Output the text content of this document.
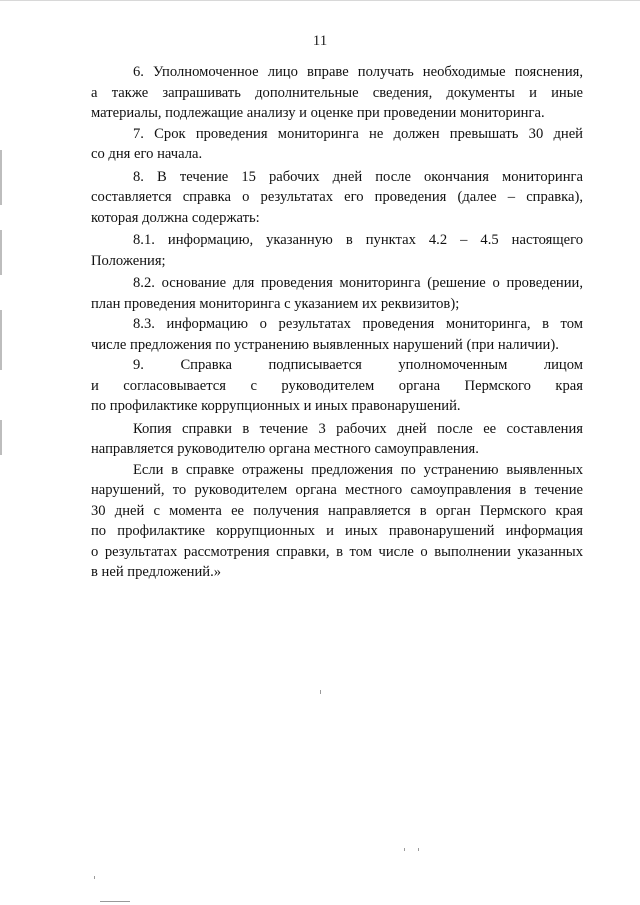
11
6. Уполномоченное лицо вправе получать необходимые пояснения,
а также запрашивать дополнительные сведения, документы и иные
материалы, подлежащие анализу и оценке при проведении мониторинга.
7. Срок проведения мониторинга не должен превышать 30 дней
со дня его начала.
8. В течение 15 рабочих дней после окончания мониторинга
составляется справка о результатах его проведения (далее – справка),
которая должна содержать:
8.1. информацию, указанную в пунктах 4.2 – 4.5 настоящего
Положения;
8.2. основание для проведения мониторинга (решение о проведении,
план проведения мониторинга с указанием их реквизитов);
8.3. информацию о результатах проведения мониторинга, в том
числе предложения по устранению выявленных нарушений (при наличии).
9. Справка подписывается уполномоченным лицом
и согласовывается с руководителем органа Пермского края
по профилактике коррупционных и иных правонарушений.
Копия справки в течение 3 рабочих дней после ее составления
направляется руководителю органа местного самоуправления.
Если в справке отражены предложения по устранению выявленных
нарушений, то руководителем органа местного самоуправления в течение
30 дней с момента ее получения направляется в орган Пермского края
по профилактике коррупционных и иных правонарушений информация
о результатах рассмотрения справки, в том числе о выполнении указанных
в ней предложений.»
